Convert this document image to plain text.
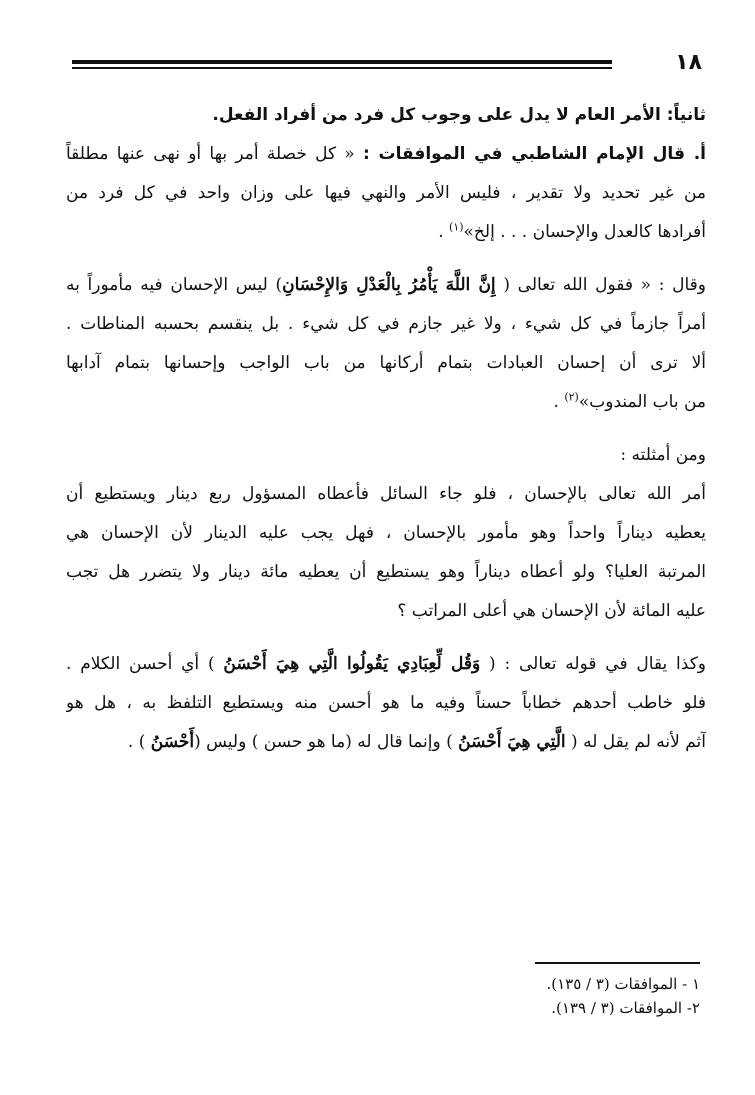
١٨
ثانياً: الأمر العام لا يدل على وجوب كل فرد من أفراد الفعل.
أ. قال الإمام الشاطبي في الموافقات : « كل خصلة أمر بها أو نهى عنها مطلقاً
من غير تحديد ولا تقدير ، فليس الأمر والنهي فيها على وزان واحد في كل فرد من
أفرادها كالعدل والإحسان . . . إلخ»$^{(١)}$ .
وقال : « فقول الله تعالى ( إِنَّ اللَّهَ يَأْمُرُ بِالْعَدْلِ وَالإِحْسَانِ) ليس الإحسان فيه مأموراً به
أمراً جازماً في كل شيء ، ولا غير جازم في كل شيء . بل ينقسم بحسبه المناطات .
ألا ترى أن إحسان العبادات بتمام أركانها من باب الواجب وإحسانها بتمام آدابها
من باب المندوب»$^{(٢)}$ .
ومن أمثلته :
أمر الله تعالى بالإحسان ، فلو جاء السائل فأعطاه المسؤول ربع دينار ويستطيع أن
يعطيه ديناراً واحداً وهو مأمور بالإحسان ، فهل يجب عليه الدينار لأن الإحسان هي
المرتبة العليا؟ ولو أعطاه ديناراً وهو يستطيع أن يعطيه مائة دينار ولا يتضرر هل تجب
عليه المائة لأن الإحسان هي أعلى المراتب ؟
وكذا يقال في قوله تعالى : ( وَقُل لِّعِبَادِي يَقُولُوا الَّتِي هِيَ أَحْسَنُ ) أي أحسن الكلام .
فلو خاطب أحدهم خطاباً حسناً وفيه ما هو أحسن منه ويستطيع التلفظ به ، هل هو
آثم لأنه لم يقل له ( الَّتِي هِيَ أَحْسَنُ ) وإنما قال له (ما هو حسن ) وليس (أَحْسَنُ ) .
١ - الموافقات (٣ / ١٣٥).
٢- الموافقات (٣ / ١٣٩).
